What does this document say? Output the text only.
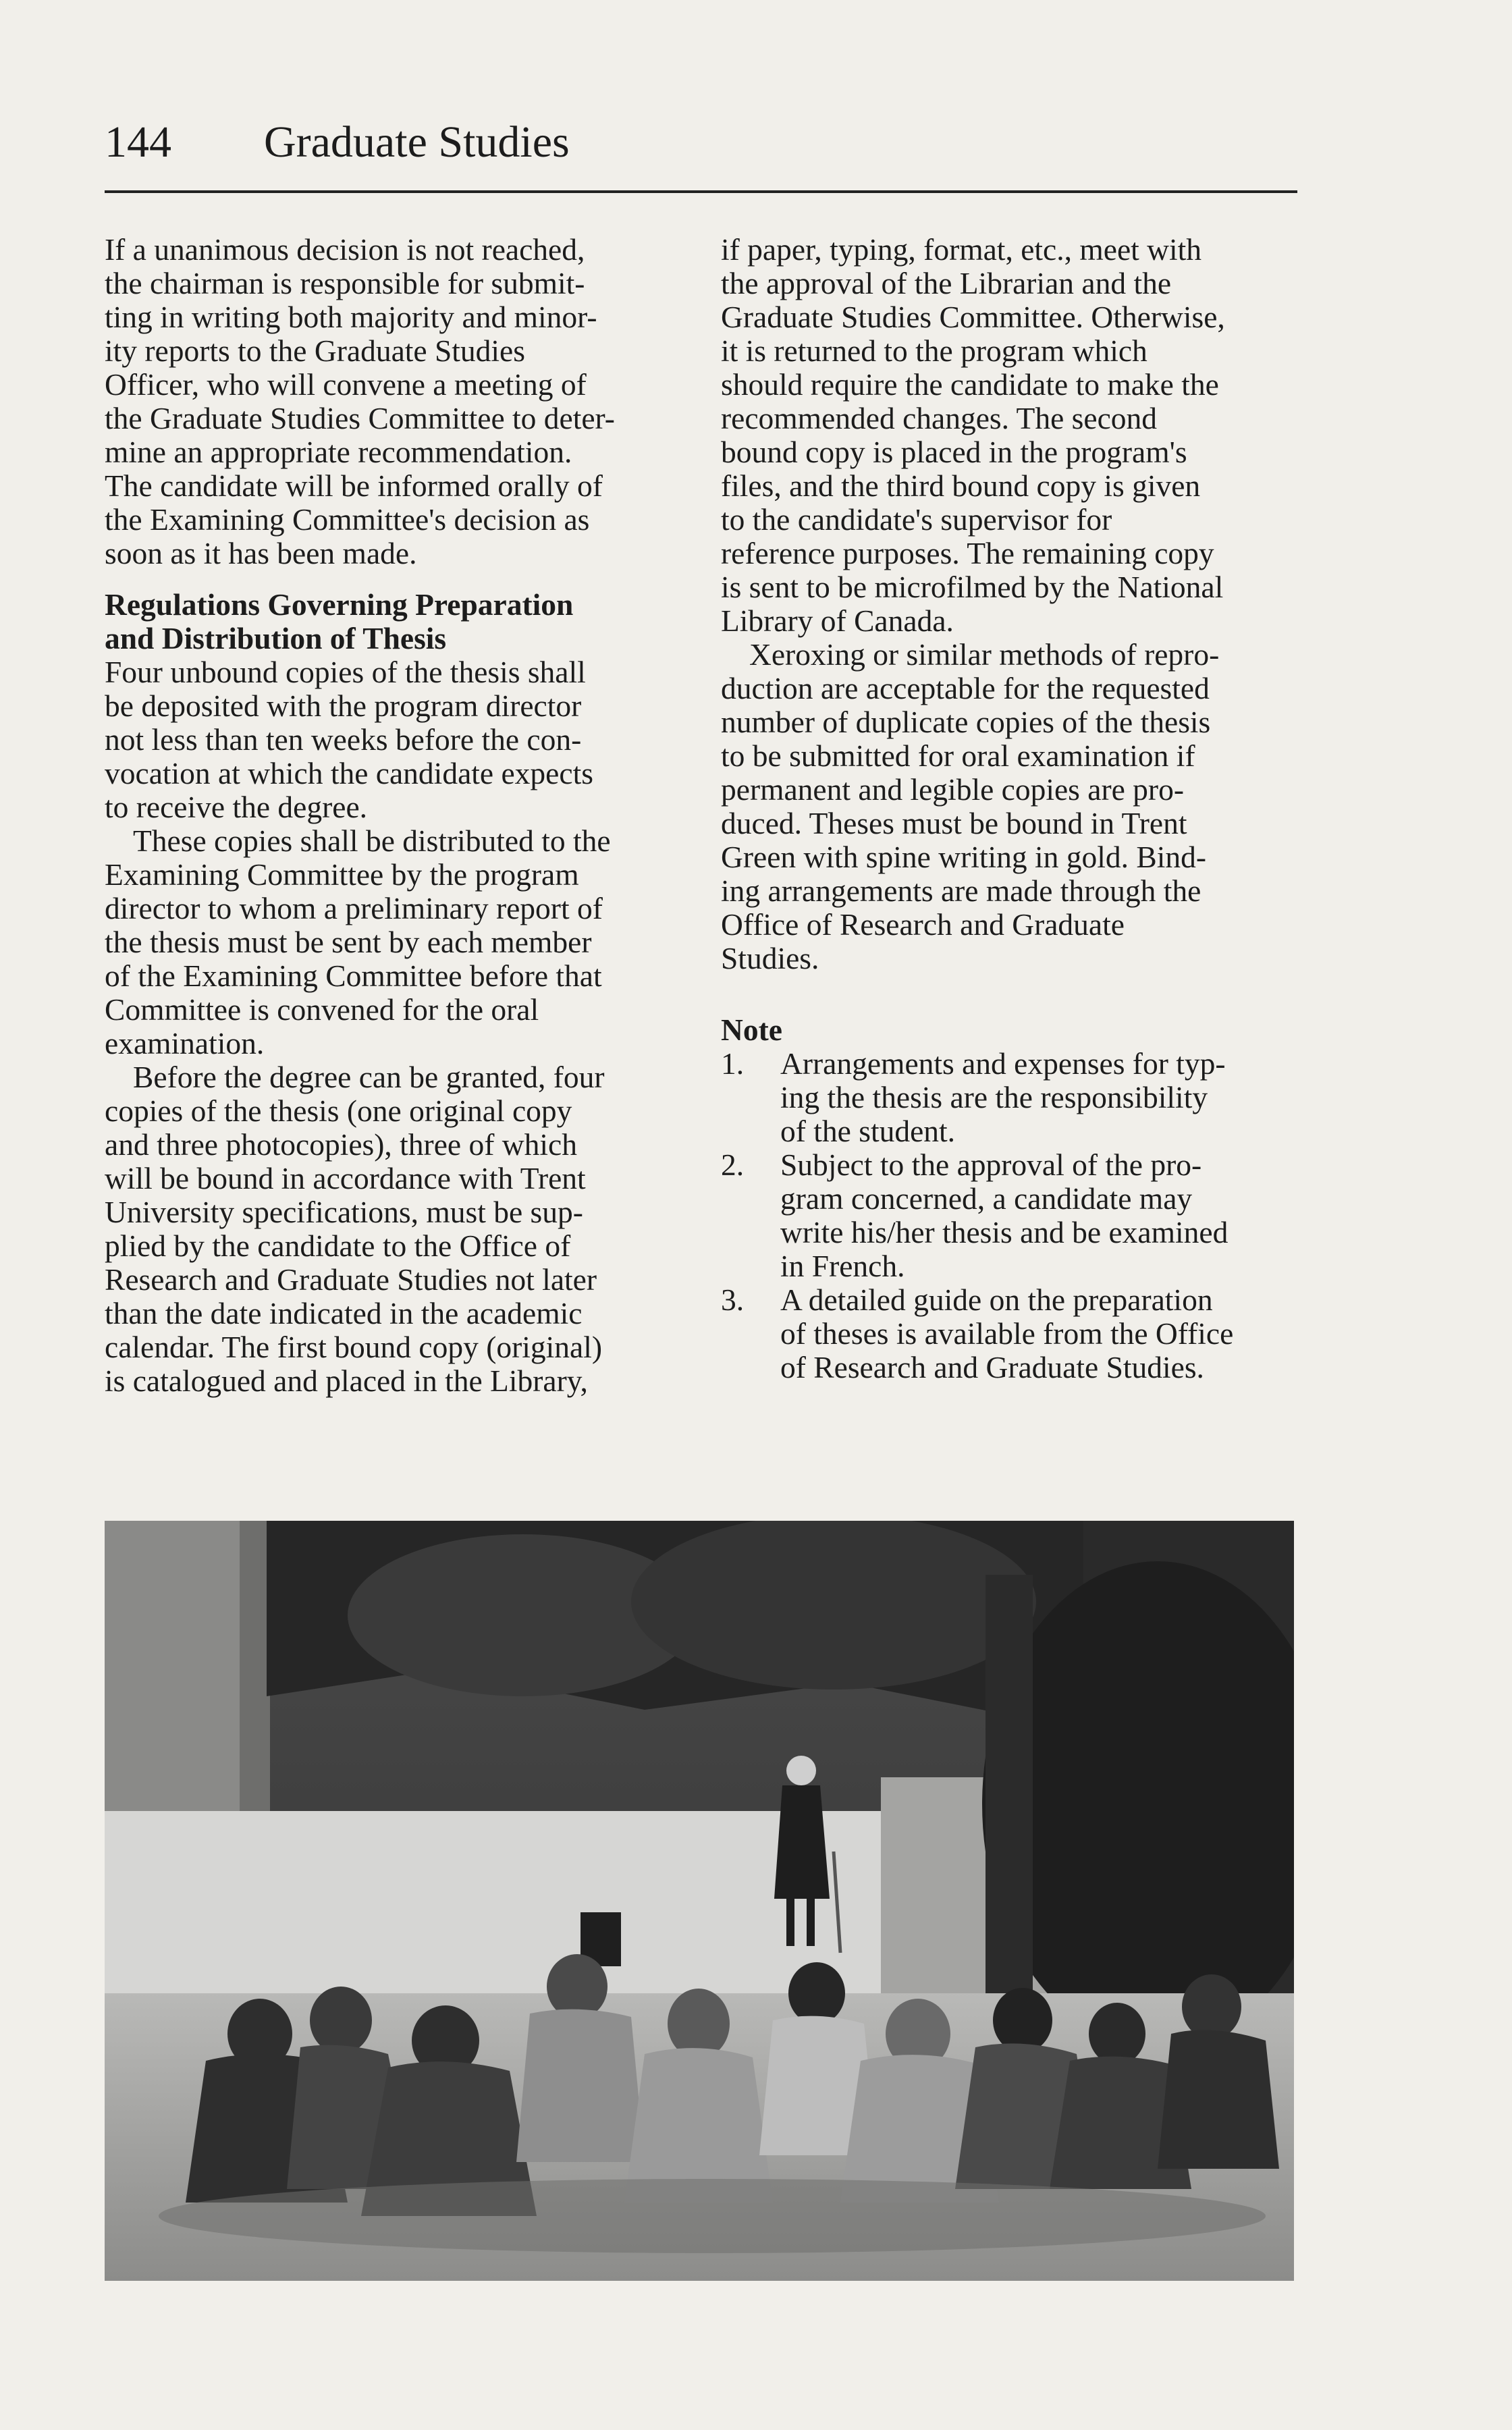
144 Graduate Studies
If a unanimous decision is not reached,
the chairman is responsible for submit-
ting in writing both majority and minor-
ity reports to the Graduate Studies
Officer, who will convene a meeting of
the Graduate Studies Committee to deter-
mine an appropriate recommendation.
The candidate will be informed orally of
the Examining Committee's decision as
soon as it has been made.
Regulations Governing Preparation
and Distribution of Thesis
Four unbound copies of the thesis shall
be deposited with the program director
not less than ten weeks before the con-
vocation at which the candidate expects
to receive the degree.
These copies shall be distributed to the
Examining Committee by the program
director to whom a preliminary report of
the thesis must be sent by each member
of the Examining Committee before that
Committee is convened for the oral
examination.
Before the degree can be granted, four
copies of the thesis (one original copy
and three photocopies), three of which
will be bound in accordance with Trent
University specifications, must be sup-
plied by the candidate to the Office of
Research and Graduate Studies not later
than the date indicated in the academic
calendar. The first bound copy (original)
is catalogued and placed in the Library,
if paper, typing, format, etc., meet with
the approval of the Librarian and the
Graduate Studies Committee. Otherwise,
it is returned to the program which
should require the candidate to make the
recommended changes. The second
bound copy is placed in the program's
files, and the third bound copy is given
to the candidate's supervisor for
reference purposes. The remaining copy
is sent to be microfilmed by the National
Library of Canada.
Xeroxing or similar methods of repro-
duction are acceptable for the requested
number of duplicate copies of the thesis
to be submitted for oral examination if
permanent and legible copies are pro-
duced. Theses must be bound in Trent
Green with spine writing in gold. Bind-
ing arrangements are made through the
Office of Research and Graduate
Studies.
Note
1. Arrangements and expenses for typ-
ing the thesis are the responsibility
of the student.
2. Subject to the approval of the pro-
gram concerned, a candidate may
write his/her thesis and be examined
in French.
3. A detailed guide on the preparation
of theses is available from the Office
of Research and Graduate Studies.
